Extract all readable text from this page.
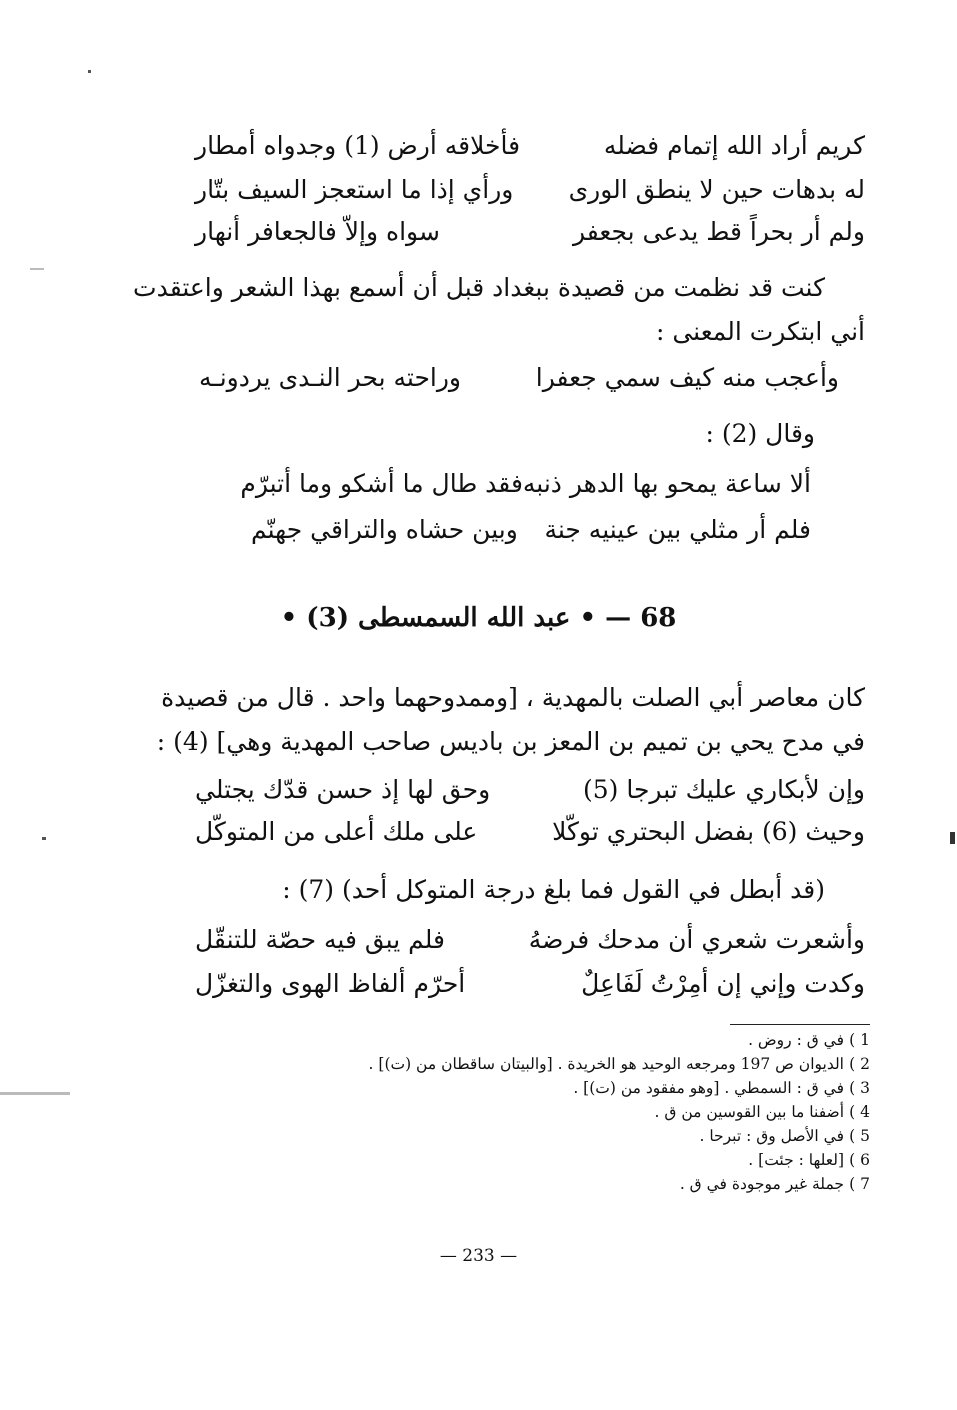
كريم أراد الله إتمام فضله
فأخلاقه أرض (1) وجدواه أمطار
له بدهات حين لا ينطق الورى
ورأي إذا ما استعجز السيف بتّار
ولم أر بحراً قط يدعى بجعفر
سواه وإلاّ فالجعافر أنهار
كنت قد نظمت من قصيدة ببغداد قبل أن أسمع بهذا الشعر واعتقدت
أني ابتكرت المعنى :
وأعجب منه كيف سمي جعفرا
وراحته بحر النـدى يردونـه
وقال (2) :
ألا ساعة يمحو بها الدهر ذنبه
فقد طال ما أشكو وما أتبرّم
فلم أر مثلي بين عينيه جنة
وبين حشاه والتراقي جهنّم
68 — • عبد الله السمسطى (3) •
كان معاصر أبي الصلت بالمهدية ، [وممدوحهما واحد . قال من قصيدة
في مدح يحي بن تميم بن المعز بن باديس صاحب المهدية وهي] (4) :
وإن لأبكاري عليك تبرجا (5)
وحق لها إذ حسن قدّك يجتلي
وحيث (6) بفضل البحتري توكّلا
على ملك أعلى من المتوكّل
(قد أبطل في القول فما بلغ درجة المتوكل أحد) (7) :
وأشعرت شعري أن مدحك فرضهُ
فلم يبق فيه حصّة للتنقّل
وكدت وإني إن أمِرْتُ لَفَاعِلٌ
أحرّم ألفاظ الهوى والتغزّل
1 )في ق : روض .
2 )الديوان ص 197 ومرجعه الوحيد هو الخريدة . [والبيتان ساقطان من (ت)] .
3 )في ق : السمطي . [وهو مفقود من (ت)] .
4 )أضفنا ما بين القوسين من ق .
5 )في الأصل وق : تبرحا .
6 )[لعلها : جئت] .
7 )جملة غير موجودة في ق .
— 233 —
